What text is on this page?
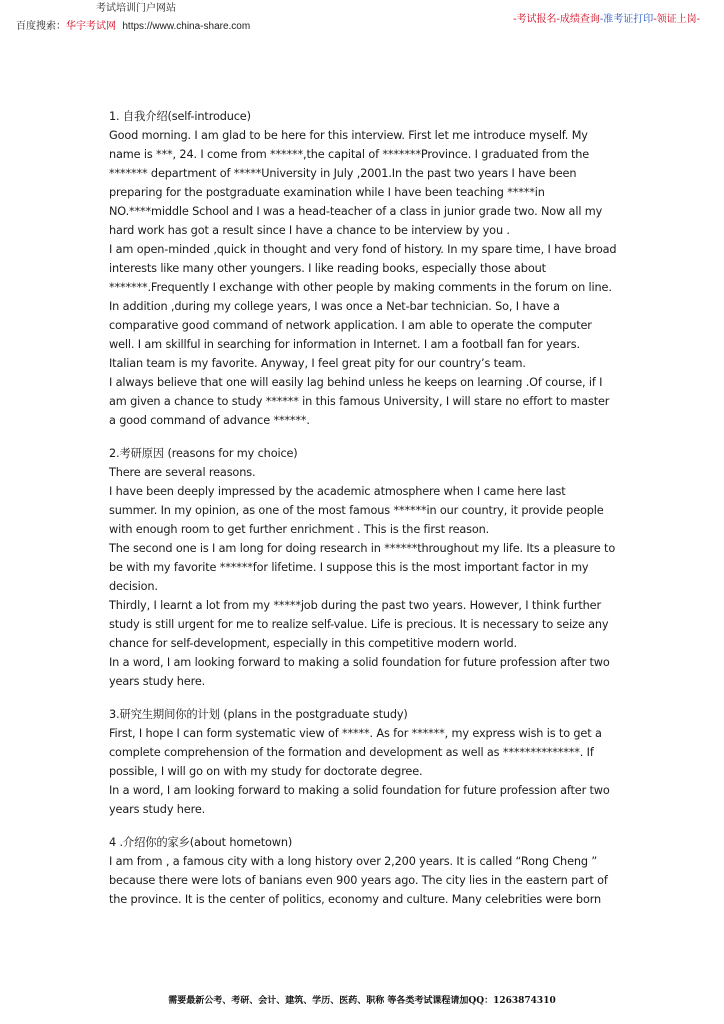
考试培训门户网站
百度搜索：华宇考试网 https://www.china-share.com
-考试报名-成绩查询-准考证打印-领证上岗-

1. 自我介绍(self-introduce)

Good morning. I am glad to be here for this interview. First let me introduce myself. My name is ***, 24. I come from ******,the capital of *******Province. I graduated from the ******* department of *****University in July ,2001.In the past two years I have been preparing for the postgraduate examination while I have been teaching *****in NO.****middle School and I was a head-teacher of a class in junior grade two. Now all my hard work has got a result since I have a chance to be interview by you .

I am open-minded ,quick in thought and very fond of history. In my spare time, I have broad interests like many other youngers. I like reading books, especially those about *******.Frequently I exchange with other people by making comments in the forum on line. In addition ,during my college years, I was once a Net-bar technician. So, I have a comparative good command of network application. I am able to operate the computer well. I am skillful in searching for information in Internet. I am a football fan for years. Italian team is my favorite. Anyway, I feel great pity for our country’s team.

I always believe that one will easily lag behind unless he keeps on learning .Of course, if I am given a chance to study ****** in this famous University, I will stare no effort to master a good command of advance ******.

2.考研原因 (reasons for my choice)

There are several reasons.

I have been deeply impressed by the academic atmosphere when I came here last summer. In my opinion, as one of the most famous ******in our country, it provide people with enough room to get further enrichment . This is the first reason.

The second one is I am long for doing research in ******throughout my life. Its a pleasure to be with my favorite ******for lifetime. I suppose this is the most important factor in my decision.

Thirdly, I learnt a lot from my *****job during the past two years. However, I think further study is still urgent for me to realize self-value. Life is precious. It is necessary to seize any chance for self-development, especially in this competitive modern world.

In a word, I am looking forward to making a solid foundation for future profession after two years study here.

3.研究生期间你的计划 (plans in the postgraduate study)

First, I hope I can form systematic view of *****. As for ******, my express wish is to get a complete comprehension of the formation and development as well as **************. If possible, I will go on with my study for doctorate degree.

In a word, I am looking forward to making a solid foundation for future profession after two years study here.

4 .介绍你的家乡(about hometown)

I am from , a famous city with a long history over 2,200 years. It is called “Rong Cheng ” because there were lots of banians even 900 years ago. The city lies in the eastern part of the province. It is the center of politics, economy and culture. Many celebrities were born

需要最新公考、考研、会计、建筑、学历、医药、职称 等各类考试课程请加QQ：1263874310
